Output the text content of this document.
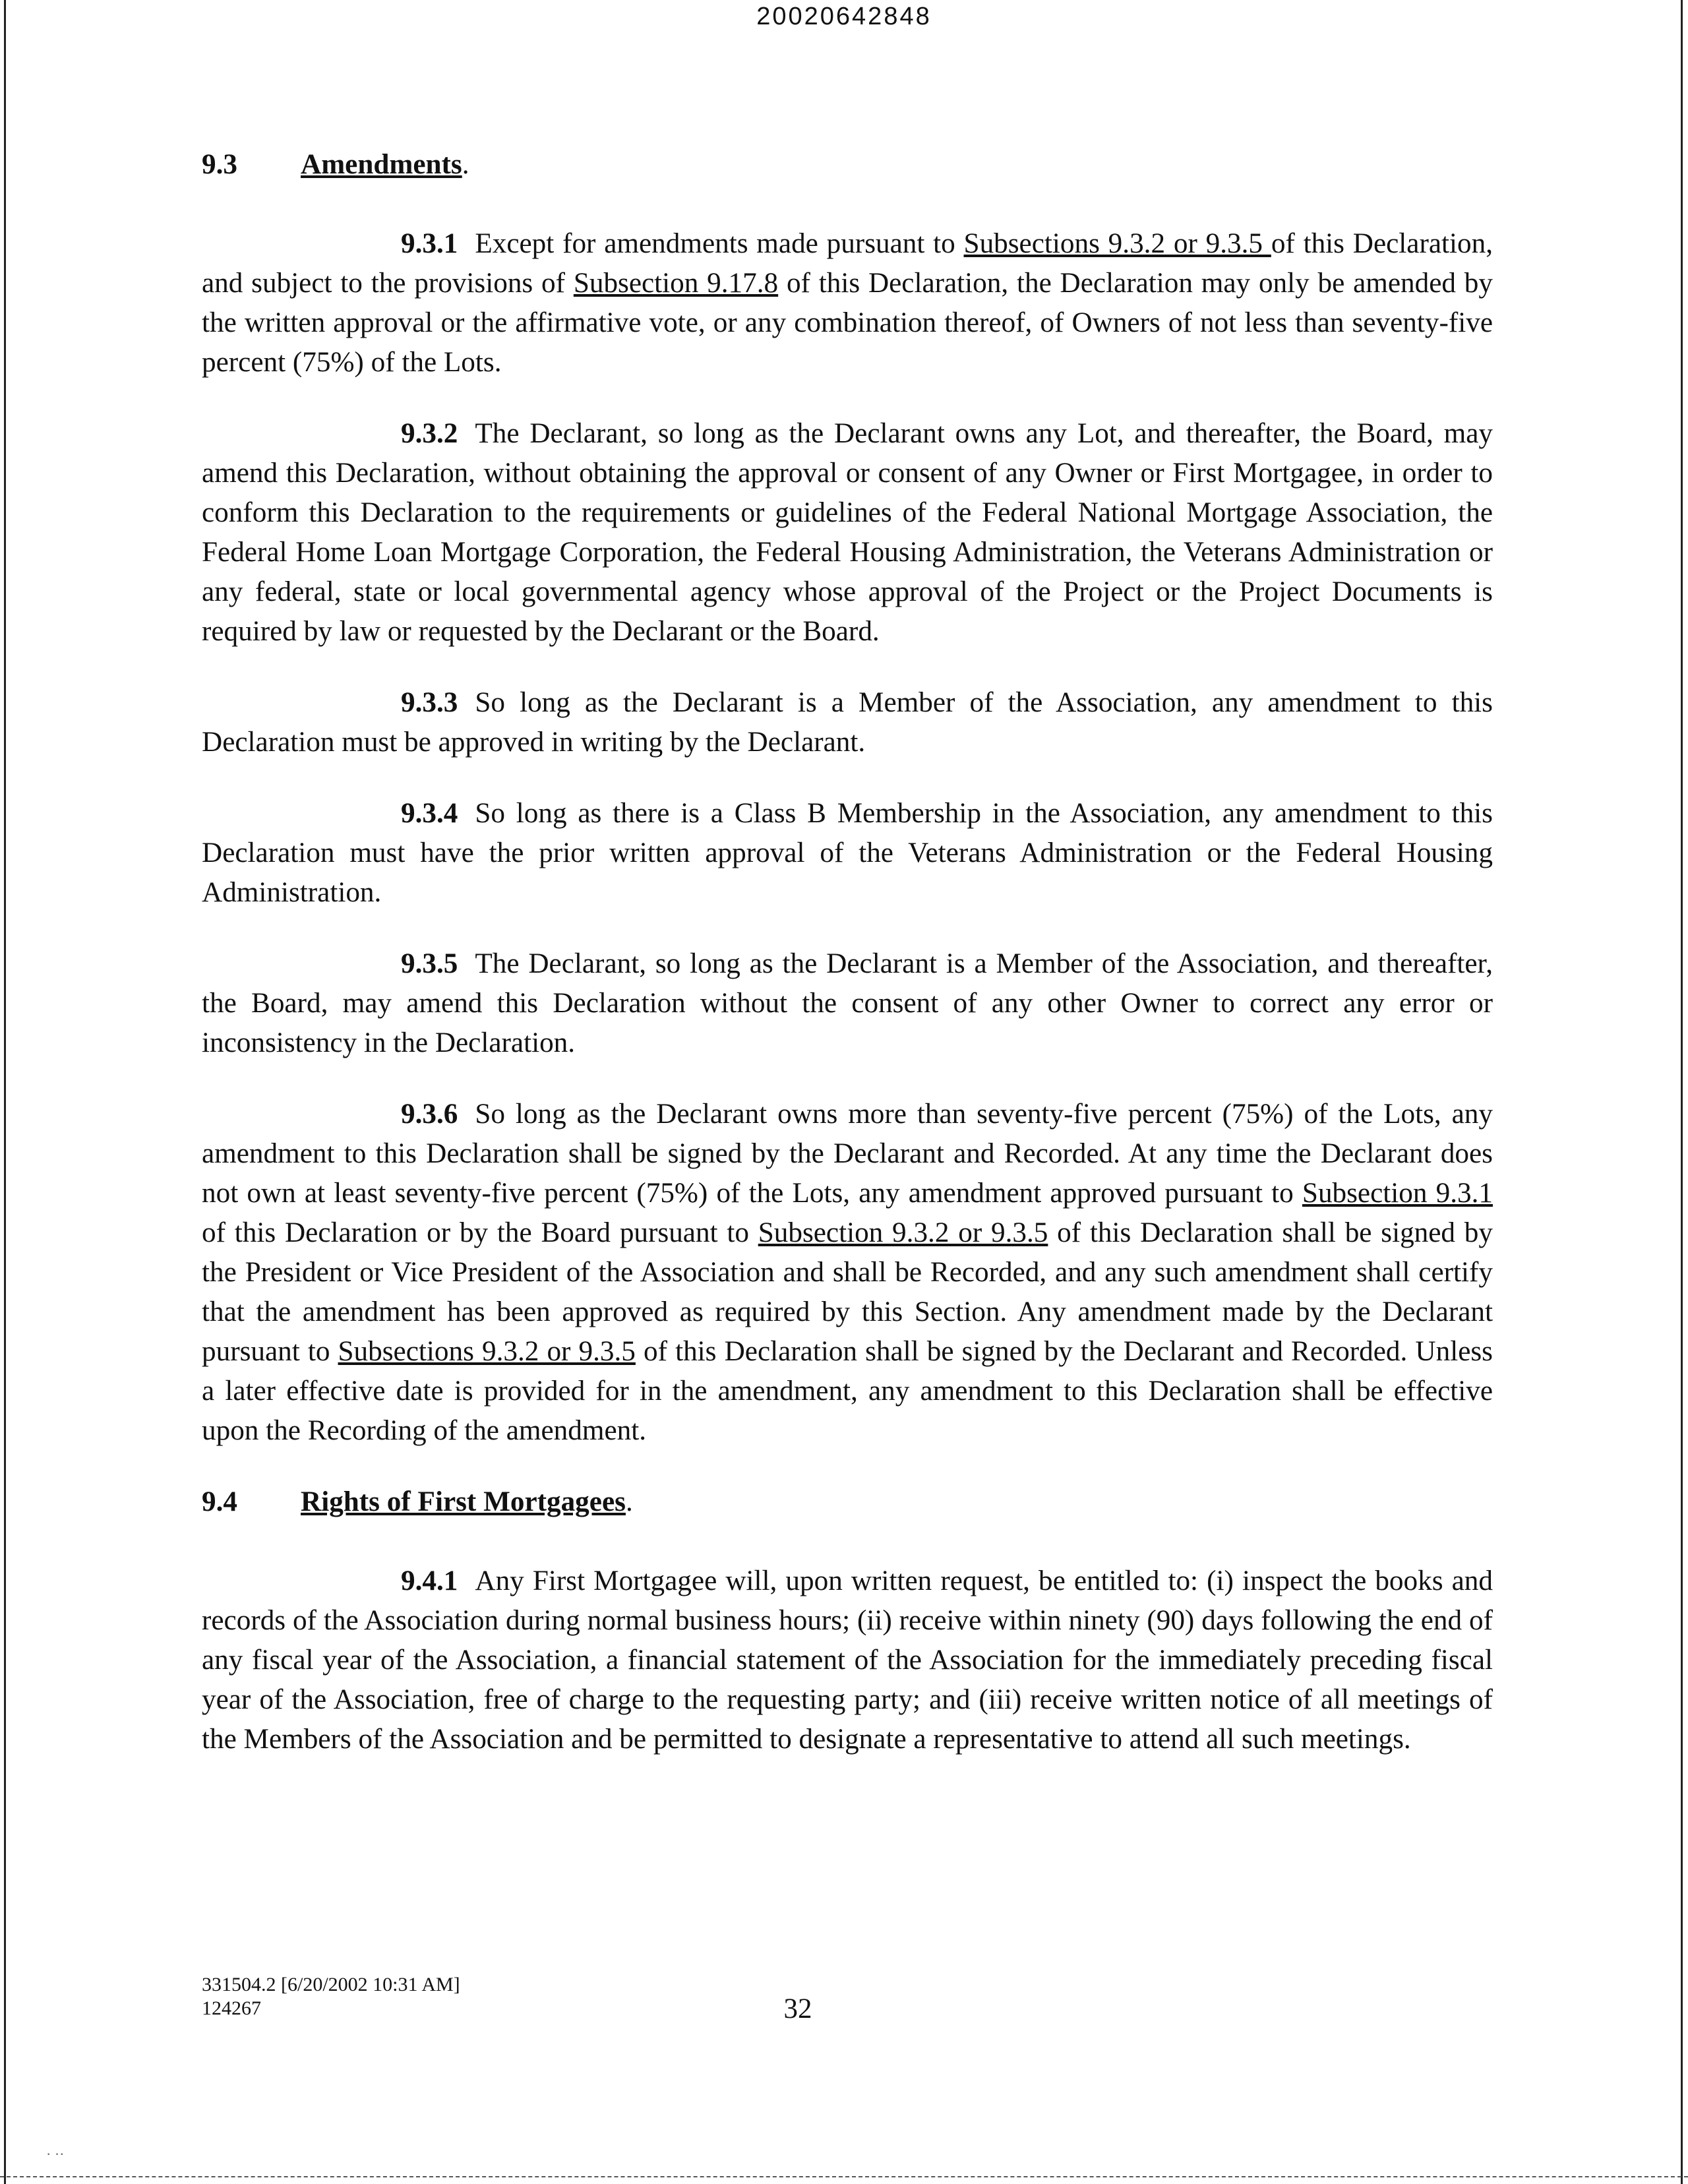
20020642848
9.3 Amendments.

9.3.1 Except for amendments made pursuant to Subsections 9.3.2 or 9.3.5 of this Declaration, and subject to the provisions of Subsection 9.17.8 of this Declaration, the Declaration may only be amended by the written approval or the affirmative vote, or any combination thereof, of Owners of not less than seventy-five percent (75%) of the Lots.

9.3.2 The Declarant, so long as the Declarant owns any Lot, and thereafter, the Board, may amend this Declaration, without obtaining the approval or consent of any Owner or First Mortgagee, in order to conform this Declaration to the requirements or guidelines of the Federal National Mortgage Association, the Federal Home Loan Mortgage Corporation, the Federal Housing Administration, the Veterans Administration or any federal, state or local governmental agency whose approval of the Project or the Project Documents is required by law or requested by the Declarant or the Board.

9.3.3 So long as the Declarant is a Member of the Association, any amendment to this Declaration must be approved in writing by the Declarant.

9.3.4 So long as there is a Class B Membership in the Association, any amendment to this Declaration must have the prior written approval of the Veterans Administration or the Federal Housing Administration.

9.3.5 The Declarant, so long as the Declarant is a Member of the Association, and thereafter, the Board, may amend this Declaration without the consent of any other Owner to correct any error or inconsistency in the Declaration.

9.3.6 So long as the Declarant owns more than seventy-five percent (75%) of the Lots, any amendment to this Declaration shall be signed by the Declarant and Recorded. At any time the Declarant does not own at least seventy-five percent (75%) of the Lots, any amendment approved pursuant to Subsection 9.3.1 of this Declaration or by the Board pursuant to Subsection 9.3.2 or 9.3.5 of this Declaration shall be signed by the President or Vice President of the Association and shall be Recorded, and any such amendment shall certify that the amendment has been approved as required by this Section. Any amendment made by the Declarant pursuant to Subsections 9.3.2 or 9.3.5 of this Declaration shall be signed by the Declarant and Recorded. Unless a later effective date is provided for in the amendment, any amendment to this Declaration shall be effective upon the Recording of the amendment.

9.4 Rights of First Mortgagees.

9.4.1 Any First Mortgagee will, upon written request, be entitled to: (i) inspect the books and records of the Association during normal business hours; (ii) receive within ninety (90) days following the end of any fiscal year of the Association, a financial statement of the Association for the immediately preceding fiscal year of the Association, free of charge to the requesting party; and (iii) receive written notice of all meetings of the Members of the Association and be permitted to designate a representative to attend all such meetings.

331504.2 [6/20/2002 10:31 AM]
124267	32
· ··
